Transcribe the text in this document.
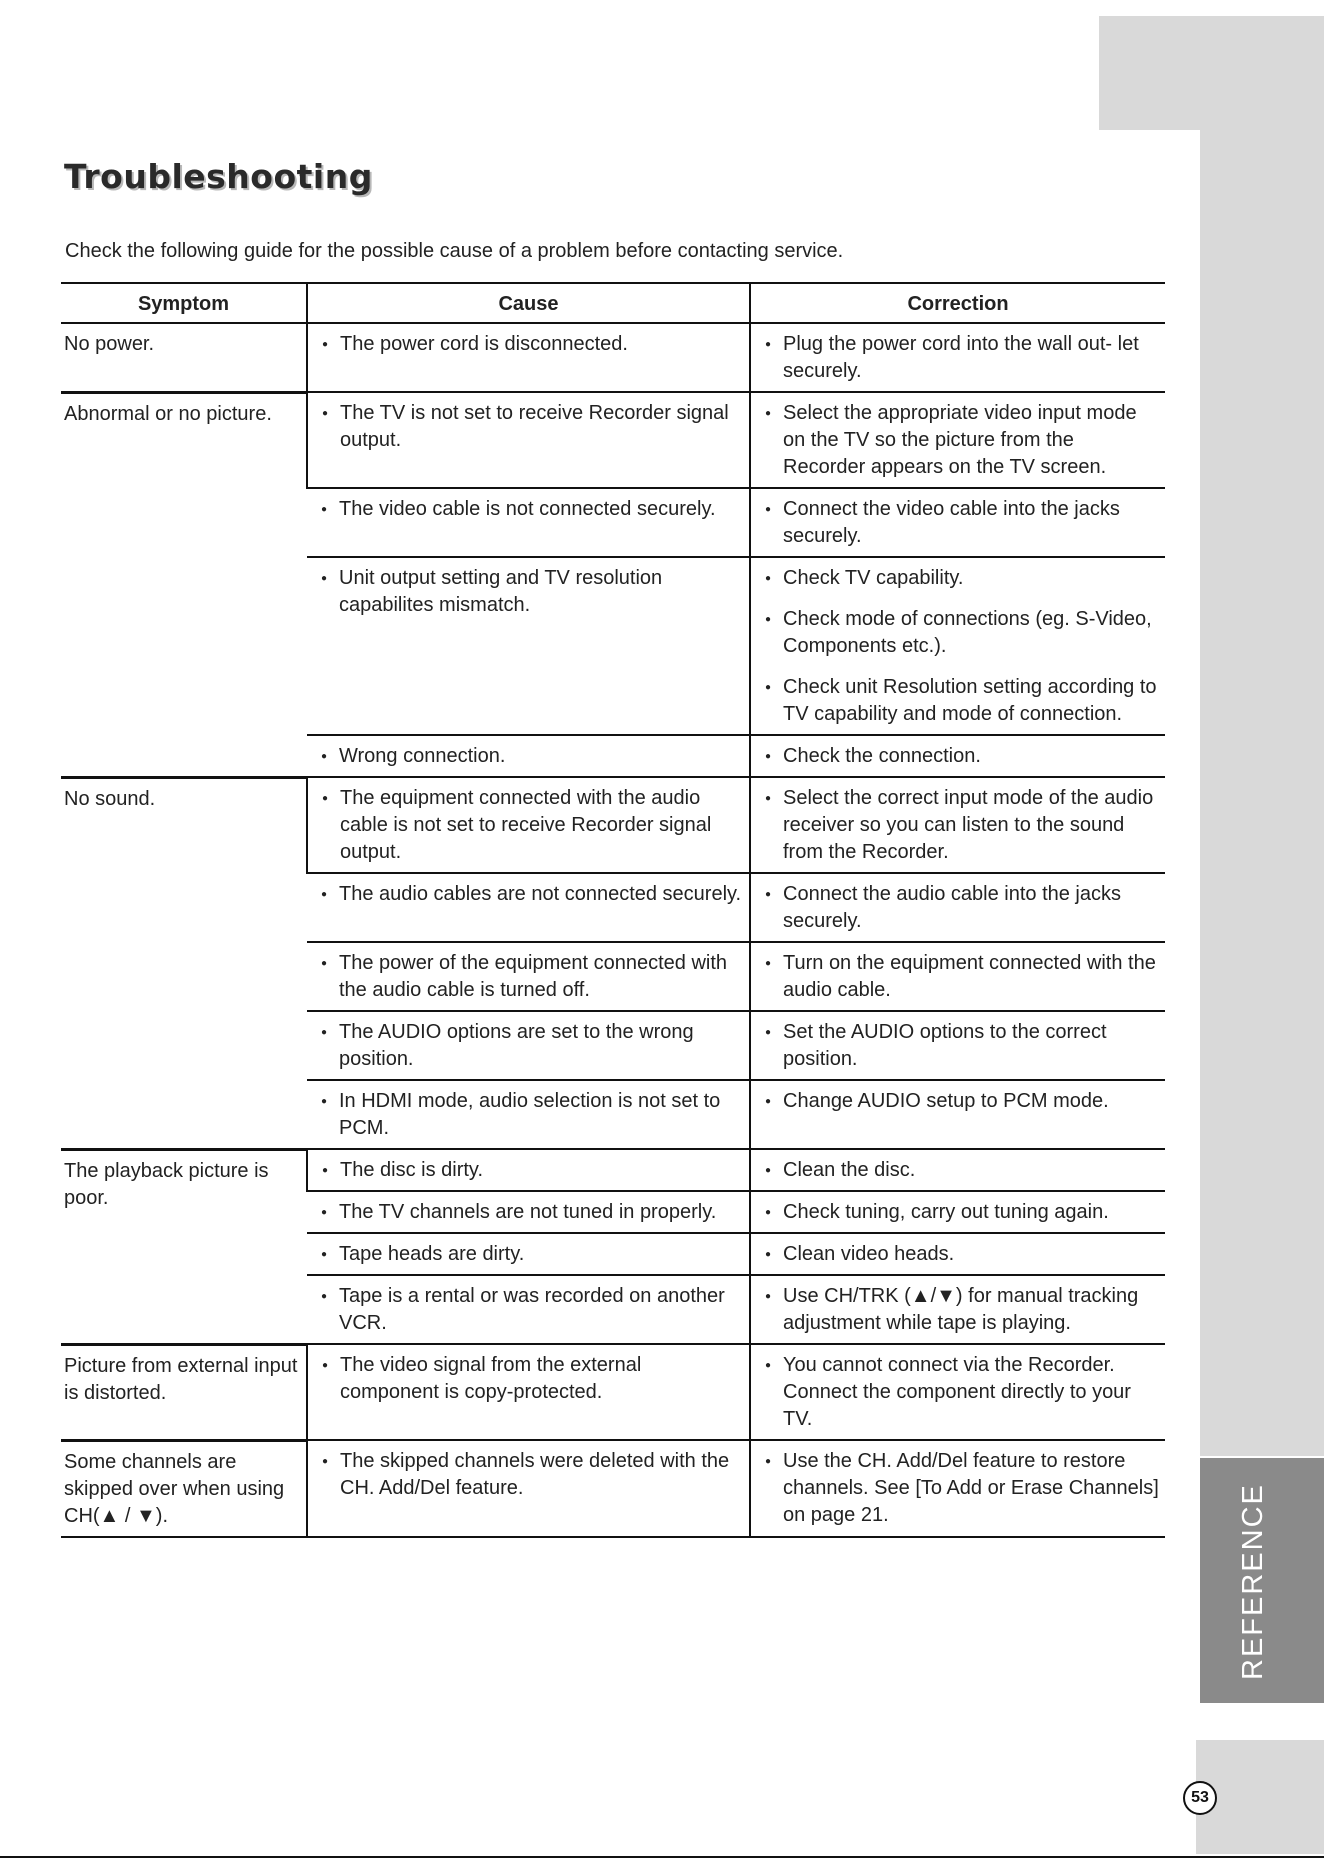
REFERENCE
53
Troubleshooting

Check the following guide for the possible cause of a problem before contacting service.

Symptom	Cause	Correction
No power.	● The power cord is disconnected.	● Plug the power cord into the wall out- let securely.

Abnormal or no picture.	● The TV is not set to receive Recorder signal output.	● Select the appropriate video input mode on the TV so the picture from the Recorder appears on the TV screen.

	● The video cable is not connected securely.	● Connect the video cable into the jacks securely.

	● Unit output setting and TV resolution capabilites mismatch.	● Check TV capability.
● Check mode of connections (eg. S-Video, Components etc.).
● Check unit Resolution setting according to TV capability and mode of connection.

	● Wrong connection.	● Check the connection.

No sound.	● The equipment connected with the audio cable is not set to receive Recorder signal output.	● Select the correct input mode of the audio receiver so you can listen to the sound from the Recorder.

	● The audio cables are not connected securely.	● Connect the audio cable into the jacks securely.

	● The power of the equipment connected with the audio cable is turned off.	● Turn on the equipment connected with the audio cable.

	● The AUDIO options are set to the wrong position.	● Set the AUDIO options to the correct position.

	● In HDMI mode, audio selection is not set to PCM.	● Change AUDIO setup to PCM mode.

The playback picture is poor.	● The disc is dirty.	● Clean the disc.

	● The TV channels are not tuned in properly.	● Check tuning, carry out tuning again.

	● Tape heads are dirty.	● Clean video heads.

	● Tape is a rental or was recorded on another VCR.	● Use CH/TRK (▲/▼) for manual tracking adjustment while tape is playing.

Picture from external input is distorted.	● The video signal from the external component is copy-protected.	● You cannot connect via the Recorder. Connect the component directly to your TV.

Some channels are skipped over when using CH(▲ / ▼).	● The skipped channels were deleted with the CH. Add/Del feature.	● Use the CH. Add/Del feature to restore channels. See [To Add or Erase Channels] on page 21.
